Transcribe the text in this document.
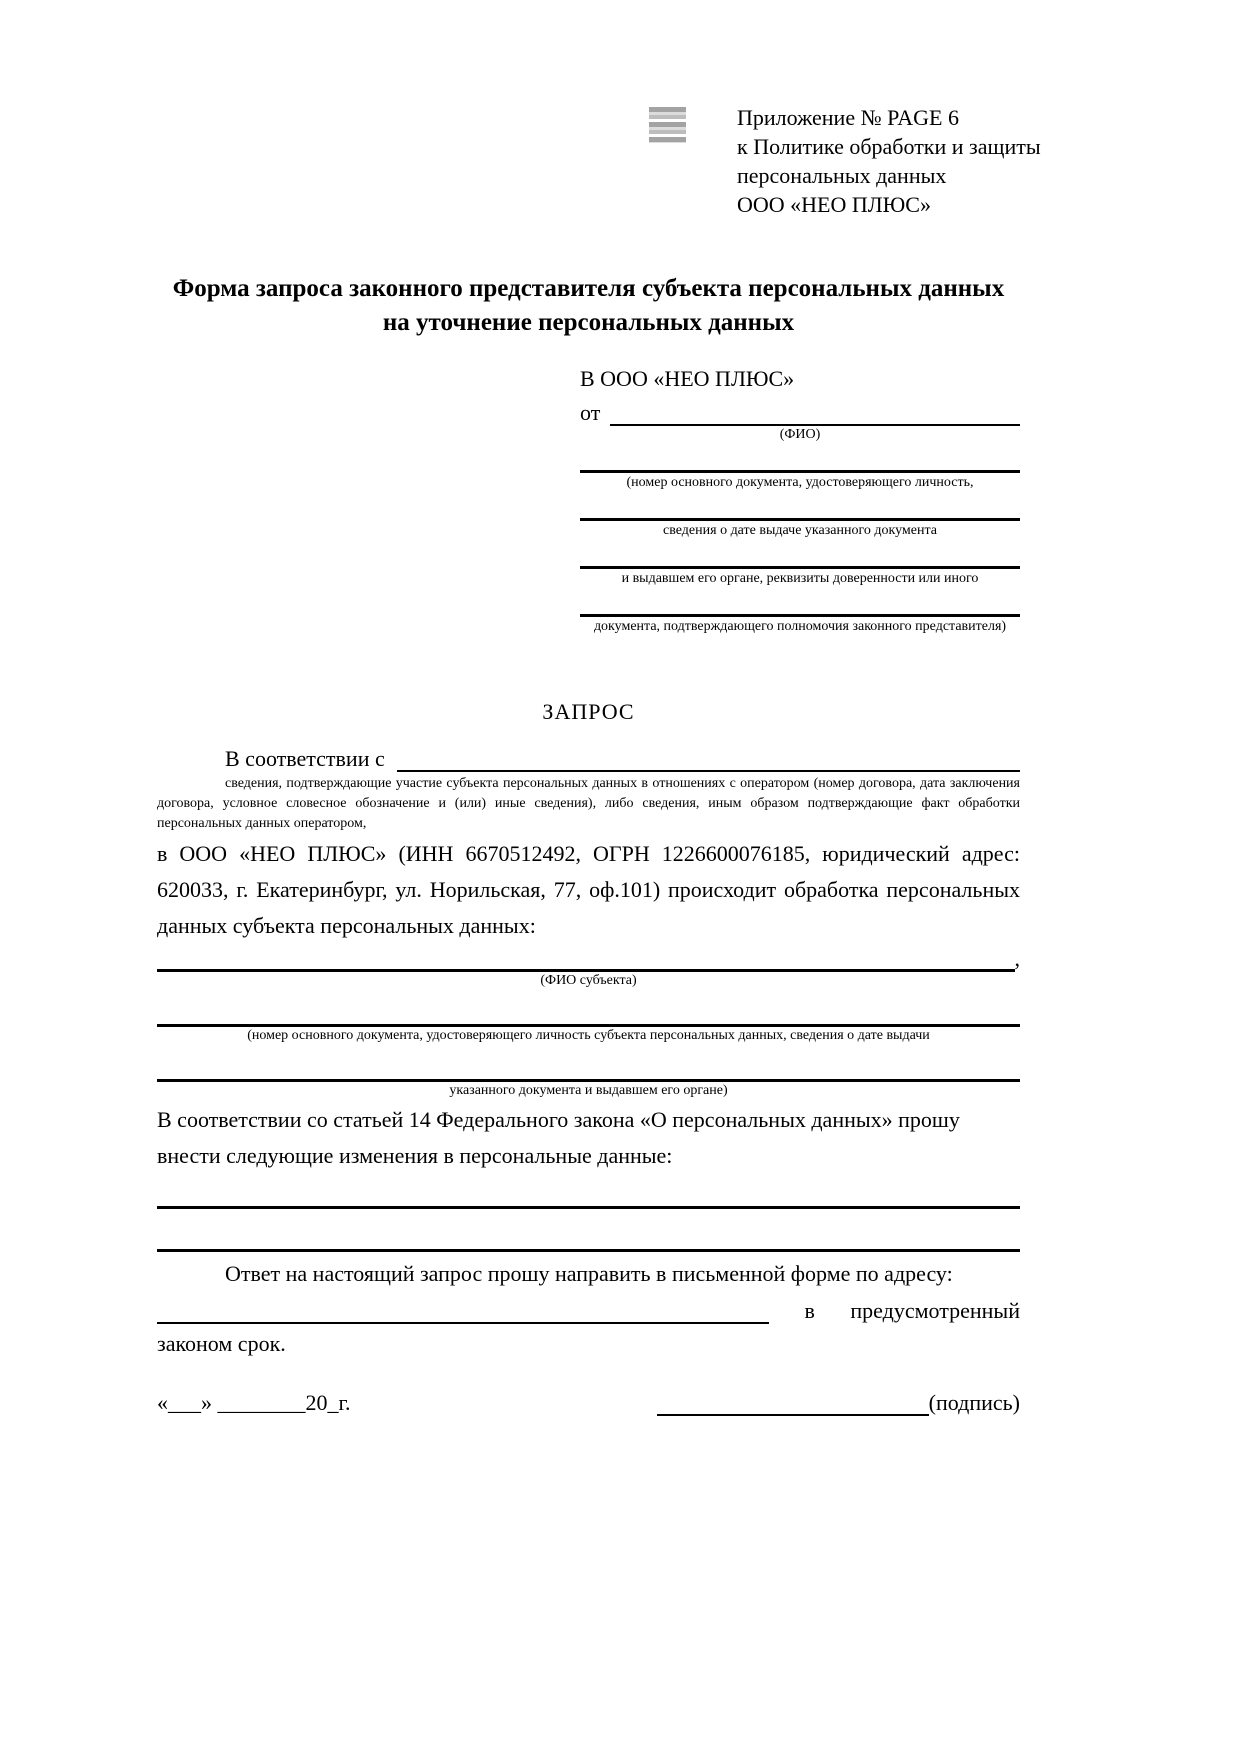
Приложение № PAGE 6
к Политике обработки и защиты
персональных данных
ООО «НЕО ПЛЮС»
Форма запроса законного представителя субъекта персональных данных
на уточнение персональных данных
В ООО «НЕО ПЛЮС»
от
(ФИО)
(номер основного документа, удостоверяющего личность,
сведения о дате выдаче указанного документа
и выдавшем его органе, реквизиты доверенности или иного
документа, подтверждающего полномочия законного представителя)
ЗАПРОС
В соответствии с

сведения, подтверждающие участие субъекта персональных данных в отношениях с оператором (номер договора, дата заключения договора, условное словесное обозначение и (или) иные сведения), либо сведения, иным образом подтверждающие факт обработки персональных данных оператором,

в ООО «НЕО ПЛЮС» (ИНН 6670512492, ОГРН 1226600076185, юридический адрес: 620033, г. Екатеринбург, ул. Норильская, 77, оф.101) происходит обработка персональных данных субъекта персональных данных:

,
(ФИО субъекта)
(номер основного документа, удостоверяющего личность субъекта персональных данных, сведения о дате выдачи
указанного документа и выдавшем его органе)

В соответствии со статьей 14 Федерального закона «О персональных данных» прошу внести следующие изменения в персональные данные:

Ответ на настоящий запрос прошу направить в письменной форме по адресу:

в предусмотренный

законом срок.

«___» ________20_г.	(подпись)
